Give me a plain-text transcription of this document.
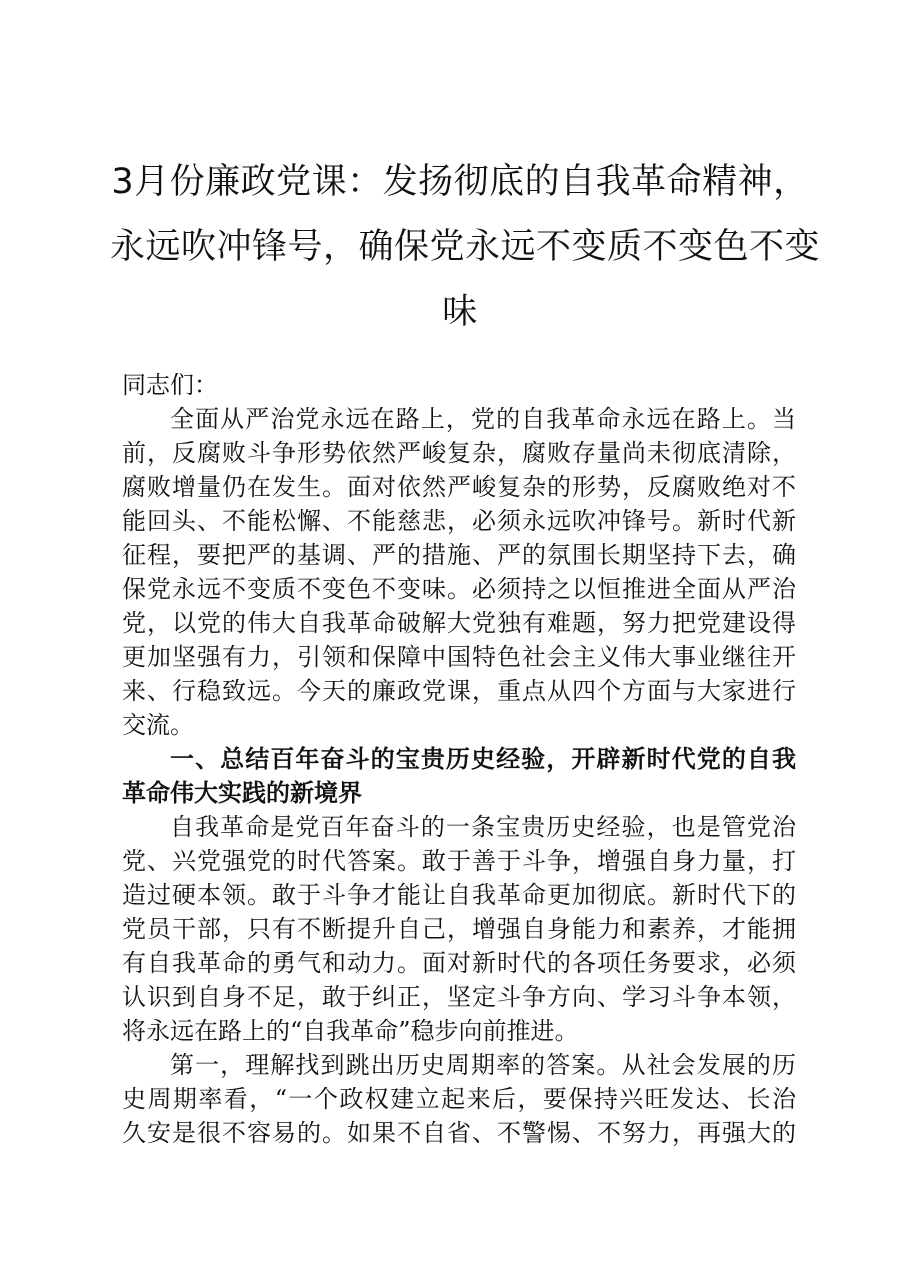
3月份廉政党课：发扬彻底的自我革命精神，
永远吹冲锋号，确保党永远不变质不变色不变
味
同志们：
全面从严治党永远在路上，党的自我革命永远在路上。当
前，反腐败斗争形势依然严峻复杂，腐败存量尚未彻底清除，
腐败增量仍在发生。面对依然严峻复杂的形势，反腐败绝对不
能回头、不能松懈、不能慈悲，必须永远吹冲锋号。新时代新
征程，要把严的基调、严的措施、严的氛围长期坚持下去，确
保党永远不变质不变色不变味。必须持之以恒推进全面从严治
党，以党的伟大自我革命破解大党独有难题，努力把党建设得
更加坚强有力，引领和保障中国特色社会主义伟大事业继往开
来、行稳致远。今天的廉政党课，重点从四个方面与大家进行
交流。
一、总结百年奋斗的宝贵历史经验，开辟新时代党的自我
革命伟大实践的新境界
自我革命是党百年奋斗的一条宝贵历史经验，也是管党治
党、兴党强党的时代答案。敢于善于斗争，增强自身力量，打
造过硬本领。敢于斗争才能让自我革命更加彻底。新时代下的
党员干部，只有不断提升自己，增强自身能力和素养，才能拥
有自我革命的勇气和动力。面对新时代的各项任务要求，必须
认识到自身不足，敢于纠正，坚定斗争方向、学习斗争本领，
将永远在路上的“自我革命”稳步向前推进。
第一，理解找到跳出历史周期率的答案。从社会发展的历
史周期率看，“一个政权建立起来后，要保持兴旺发达、长治
久安是很不容易的。如果不自省、不警惕、不努力，再强大的
